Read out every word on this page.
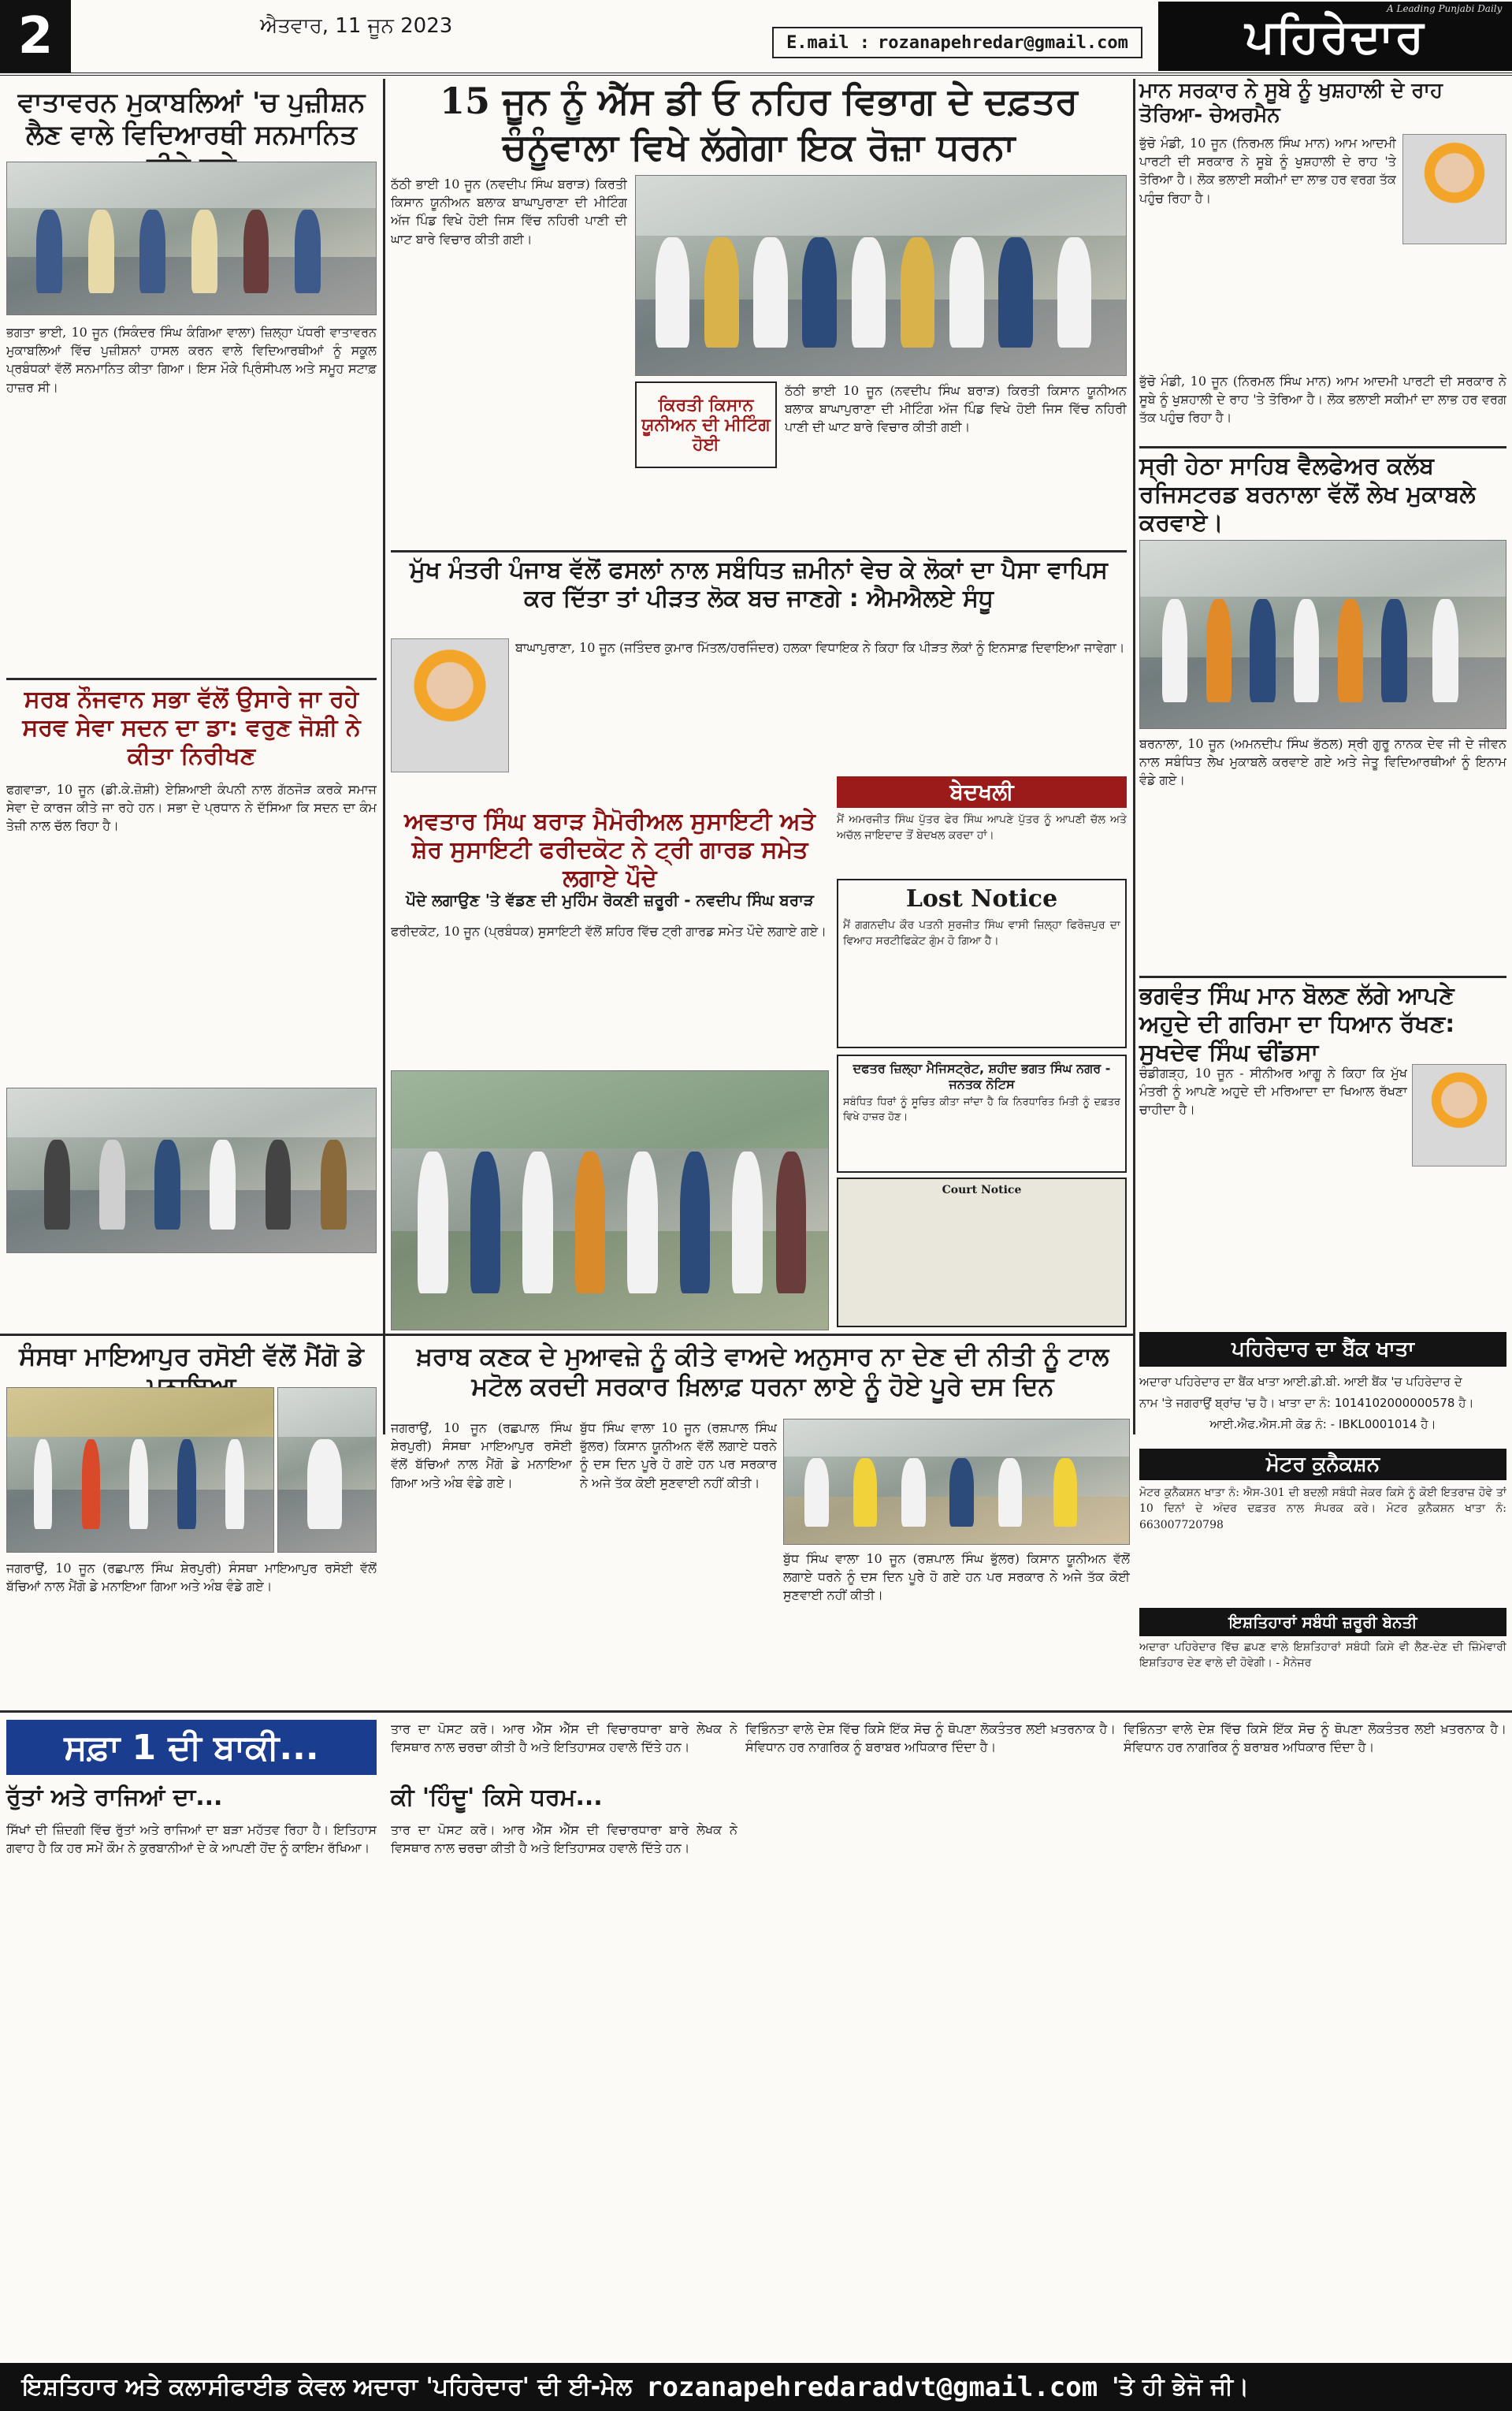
2	ਐਤਵਾਰ, 11 ਜੂਨ 2023
E.mail : rozanapehredar@gmail.com	ਪਹਿਰੇਦਾਰ
A Leading Punjabi Daily
ਵਾਤਾਵਰਨ ਮੁਕਾਬਲਿਆਂ 'ਚ ਪੁਜ਼ੀਸ਼ਨ ਲੈਣ ਵਾਲੇ ਵਿਦਿਆਰਥੀ ਸਨਮਾਨਿਤ
ਭਗਤਾ ਭਾਈ, 10 ਜੂਨ (ਸਿਕੰਦਰ ਸਿੰਘ ਕੰਗਿਆ ਵਾਲਾ) ਜ਼ਿਲ੍ਹਾ ਪੱਧਰੀ ਵਾਤਾਵਰਨ ਮੁਕਾਬਲਿਆਂ ਵਿੱਚ ਪੁਜ਼ੀਸ਼ਨਾਂ ਹਾਸਲ ਕਰਨ ਵਾਲੇ ਵਿਦਿਆਰਥੀਆਂ ਨੂੰ ਸਕੂਲ ਪ੍ਰਬੰਧਕਾਂ ਵੱਲੋਂ ਸਨਮਾਨਿਤ ਕੀਤਾ ਗਿਆ। ਇਸ ਮੌਕੇ ਪ੍ਰਿੰਸੀਪਲ ਅਤੇ ਸਮੂਹ ਸਟਾਫ਼ ਹਾਜ਼ਰ ਸੀ।
ਸਰਬ ਨੌਜਵਾਨ ਸਭਾ ਵੱਲੋਂ ਉਸਾਰੇ ਜਾ ਰਹੇ ਸਰਵ ਸੇਵਾ ਸਦਨ ਦਾ ਡਾ: ਵਰੁਣ ਜੋਸ਼ੀ ਨੇ ਕੀਤਾ ਨਿਰੀਖਣ
ਫਗਵਾੜਾ, 10 ਜੂਨ (ਡੀ.ਕੇ.ਜ਼ੋਸ਼ੀ) ਏਸ਼ਿਆਈ ਕੰਪਨੀ ਨਾਲ ਗੱਠਜੋੜ ਕਰਕੇ ਸਮਾਜ ਸੇਵਾ ਦੇ ਕਾਰਜ ਕੀਤੇ ਜਾ ਰਹੇ ਹਨ। ਸਭਾ ਦੇ ਪ੍ਰਧਾਨ ਨੇ ਦੱਸਿਆ ਕਿ ਸਦਨ ਦਾ ਕੰਮ ਤੇਜ਼ੀ ਨਾਲ ਚੱਲ ਰਿਹਾ ਹੈ।
15 ਜੂਨ ਨੂੰ ਐੱਸ ਡੀ ਓ ਨਹਿਰ ਵਿਭਾਗ ਦੇ ਦਫ਼ਤਰ ਚੰਨੂੰਵਾਲਾ ਵਿਖੇ ਲੱਗੇਗਾ ਇਕ ਰੋਜ਼ਾ ਧਰਨਾ
ਠੱਠੀ ਭਾਈ 10 ਜੂਨ (ਨਵਦੀਪ ਸਿੰਘ ਬਰਾੜ) ਕਿਰਤੀ ਕਿਸਾਨ ਯੂਨੀਅਨ ਬਲਾਕ ਬਾਘਾਪੁਰਾਣਾ ਦੀ ਮੀਟਿੰਗ ਅੱਜ ਪਿੰਡ ਵਿਖੇ ਹੋਈ ਜਿਸ ਵਿੱਚ ਨਹਿਰੀ ਪਾਣੀ ਦੀ ਘਾਟ ਬਾਰੇ ਵਿਚਾਰ ਕੀਤੀ ਗਈ।
ਕਿਰਤੀ ਕਿਸਾਨ ਯੂਨੀਅਨ ਦੀ ਮੀਟਿੰਗ ਹੋਈ
ਠੱਠੀ ਭਾਈ 10 ਜੂਨ (ਨਵਦੀਪ ਸਿੰਘ ਬਰਾੜ) ਕਿਰਤੀ ਕਿਸਾਨ ਯੂਨੀਅਨ ਬਲਾਕ ਬਾਘਾਪੁਰਾਣਾ ਦੀ ਮੀਟਿੰਗ ਅੱਜ ਪਿੰਡ ਵਿਖੇ ਹੋਈ ਜਿਸ ਵਿੱਚ ਨਹਿਰੀ ਪਾਣੀ ਦੀ ਘਾਟ ਬਾਰੇ ਵਿਚਾਰ ਕੀਤੀ ਗਈ।
ਮੁੱਖ ਮੰਤਰੀ ਪੰਜਾਬ ਵੱਲੋਂ ਫਸਲਾਂ ਨਾਲ ਸਬੰਧਿਤ ਜ਼ਮੀਨਾਂ ਵੇਚ ਕੇ ਲੋਕਾਂ ਦਾ ਪੈਸਾ ਵਾਪਿਸ ਕਰ ਦਿੱਤਾ ਤਾਂ ਪੀੜਤ ਲੋਕ ਬਚ ਜਾਣਗੇ : ਐਮਐਲਏ ਸੰਧੂ
ਬਾਘਾਪੁਰਾਣਾ, 10 ਜੂਨ (ਜਤਿੰਦਰ ਕੁਮਾਰ ਮਿੱਤਲ/ਹਰਜਿੰਦਰ) ਹਲਕਾ ਵਿਧਾਇਕ ਨੇ ਕਿਹਾ ਕਿ ਪੀੜਤ ਲੋਕਾਂ ਨੂੰ ਇਨਸਾਫ਼ ਦਿਵਾਇਆ ਜਾਵੇਗਾ।
ਬੇਦਖਲੀ
ਮੈਂ ਅਮਰਜੀਤ ਸਿੰਘ ਪੁੱਤਰ ਫੇਰ ਸਿੰਘ ਆਪਣੇ ਪੁੱਤਰ ਨੂੰ ਆਪਣੀ ਚੱਲ ਅਤੇ ਅਚੱਲ ਜਾਇਦਾਦ ਤੋਂ ਬੇਦਖਲ ਕਰਦਾ ਹਾਂ।
Lost Notice
ਮੈਂ ਗਗਨਦੀਪ ਕੌਰ ਪਤਨੀ ਸੁਰਜੀਤ ਸਿੰਘ ਵਾਸੀ ਜ਼ਿਲ੍ਹਾ ਫਿਰੋਜ਼ਪੁਰ ਦਾ ਵਿਆਹ ਸਰਟੀਫਿਕੇਟ ਗੁੰਮ ਹੋ ਗਿਆ ਹੈ।
ਦਫਤਰ ਜ਼ਿਲ੍ਹਾ ਮੈਜਿਸਟ੍ਰੇਟ, ਸ਼ਹੀਦ ਭਗਤ ਸਿੰਘ ਨਗਰ - ਜਨਤਕ ਨੋਟਿਸ
ਸਬੰਧਿਤ ਧਿਰਾਂ ਨੂੰ ਸੂਚਿਤ ਕੀਤਾ ਜਾਂਦਾ ਹੈ ਕਿ ਨਿਰਧਾਰਿਤ ਮਿਤੀ ਨੂੰ ਦਫ਼ਤਰ ਵਿਖੇ ਹਾਜ਼ਰ ਹੋਣ।
Court Notice
ਅਵਤਾਰ ਸਿੰਘ ਬਰਾੜ ਮੈਮੋਰੀਅਲ ਸੁਸਾਇਟੀ ਅਤੇ ਸ਼ੇਰ ਸੁਸਾਇਟੀ ਫਰੀਦਕੋਟ ਨੇ ਟ੍ਰੀ ਗਾਰਡ ਸਮੇਤ ਲਗਾਏ ਪੌਦੇ
ਪੌਦੇ ਲਗਾਉਣ 'ਤੇ ਵੱਡਣ ਦੀ ਮੁਹਿੰਮ ਰੋਕਣੀ ਜ਼ਰੂਰੀ - ਨਵਦੀਪ ਸਿੰਘ ਬਰਾੜ
ਫਰੀਦਕੋਟ, 10 ਜੂਨ (ਪ੍ਰਬੰਧਕ) ਸੁਸਾਇਟੀ ਵੱਲੋਂ ਸ਼ਹਿਰ ਵਿੱਚ ਟ੍ਰੀ ਗਾਰਡ ਸਮੇਤ ਪੌਦੇ ਲਗਾਏ ਗਏ।
ਮਾਨ ਸਰਕਾਰ ਨੇ ਸੂਬੇ ਨੂੰ ਖੁਸ਼ਹਾਲੀ ਦੇ ਰਾਹ ਤੋਰਿਆ- ਚੇਅਰਮੈਨ
ਭੁੱਚੋ ਮੰਡੀ, 10 ਜੂਨ (ਨਿਰਮਲ ਸਿੰਘ ਮਾਨ) ਆਮ ਆਦਮੀ ਪਾਰਟੀ ਦੀ ਸਰਕਾਰ ਨੇ ਸੂਬੇ ਨੂੰ ਖੁਸ਼ਹਾਲੀ ਦੇ ਰਾਹ 'ਤੇ ਤੋਰਿਆ ਹੈ। ਲੋਕ ਭਲਾਈ ਸਕੀਮਾਂ ਦਾ ਲਾਭ ਹਰ ਵਰਗ ਤੱਕ ਪਹੁੰਚ ਰਿਹਾ ਹੈ।
ਭੁੱਚੋ ਮੰਡੀ, 10 ਜੂਨ (ਨਿਰਮਲ ਸਿੰਘ ਮਾਨ) ਆਮ ਆਦਮੀ ਪਾਰਟੀ ਦੀ ਸਰਕਾਰ ਨੇ ਸੂਬੇ ਨੂੰ ਖੁਸ਼ਹਾਲੀ ਦੇ ਰਾਹ 'ਤੇ ਤੋਰਿਆ ਹੈ। ਲੋਕ ਭਲਾਈ ਸਕੀਮਾਂ ਦਾ ਲਾਭ ਹਰ ਵਰਗ ਤੱਕ ਪਹੁੰਚ ਰਿਹਾ ਹੈ।
ਸ੍ਰੀ ਹੇਠਾ ਸਾਹਿਬ ਵੈਲਫੇਅਰ ਕਲੱਬ ਰਜਿਸਟਰਡ ਬਰਨਾਲਾ ਵੱਲੋਂ ਲੇਖ ਮੁਕਾਬਲੇ ਕਰਵਾਏ।
ਬਰਨਾਲਾ, 10 ਜੂਨ (ਅਮਨਦੀਪ ਸਿੰਘ ਭੱਠਲ) ਸ੍ਰੀ ਗੁਰੂ ਨਾਨਕ ਦੇਵ ਜੀ ਦੇ ਜੀਵਨ ਨਾਲ ਸਬੰਧਿਤ ਲੇਖ ਮੁਕਾਬਲੇ ਕਰਵਾਏ ਗਏ ਅਤੇ ਜੇਤੂ ਵਿਦਿਆਰਥੀਆਂ ਨੂੰ ਇਨਾਮ ਵੰਡੇ ਗਏ।
ਭਗਵੰਤ ਸਿੰਘ ਮਾਨ ਬੋਲਣ ਲੱਗੇ ਆਪਣੇ ਅਹੁਦੇ ਦੀ ਗਰਿਮਾ ਦਾ ਧਿਆਨ ਰੱਖਣ: ਸੁਖਦੇਵ ਸਿੰਘ ਢੀਂਡਸਾ
ਚੰਡੀਗੜ੍ਹ, 10 ਜੂਨ - ਸੀਨੀਅਰ ਆਗੂ ਨੇ ਕਿਹਾ ਕਿ ਮੁੱਖ ਮੰਤਰੀ ਨੂੰ ਆਪਣੇ ਅਹੁਦੇ ਦੀ ਮਰਿਆਦਾ ਦਾ ਖਿਆਲ ਰੱਖਣਾ ਚਾਹੀਦਾ ਹੈ।
ਪਹਿਰੇਦਾਰ ਦਾ ਬੈਂਕ ਖਾਤਾ
ਅਦਾਰਾ ਪਹਿਰੇਦਾਰ ਦਾ ਬੈਂਕ ਖਾਤਾ ਆਈ.ਡੀ.ਬੀ. ਆਈ ਬੈਂਕ 'ਚ ਪਹਿਰੇਦਾਰ ਦੇ
ਨਾਮ 'ਤੇ ਜਗਰਾਉਂ ਬ੍ਰਾਂਚ 'ਚ ਹੈ। ਖਾਤਾ ਦਾ ਨੰ: 1014102000000578 ਹੈ।
ਆਈ.ਐਫ.ਐਸ.ਸੀ ਕੋਡ ਨੰ: - IBKL0001014 ਹੈ।
ਸੰਸਥਾ ਮਾਇਆਪੁਰ ਰਸੋਈ ਵੱਲੋਂ ਮੈਂਗੋ ਡੇ
ਜਗਰਾਉਂ, 10 ਜੂਨ (ਰਛਪਾਲ ਸਿੰਘ ਸ਼ੇਰਪੁਰੀ) ਸੰਸਥਾ ਮਾਇਆਪੁਰ ਰਸੋਈ ਵੱਲੋਂ ਬੱਚਿਆਂ ਨਾਲ ਮੈਂਗੋ ਡੇ ਮਨਾਇਆ ਗਿਆ ਅਤੇ ਅੰਬ ਵੰਡੇ ਗਏ।
ਖ਼ਰਾਬ ਕਣਕ ਦੇ ਮੁਆਵਜ਼ੇ ਨੂੰ ਕੀਤੇ ਵਾਅਦੇ ਅਨੁਸਾਰ ਨਾ ਦੇਣ ਦੀ ਨੀਤੀ ਨੂੰ ਟਾਲ ਮਟੋਲ ਕਰਦੀ ਸਰਕਾਰ ਖ਼ਿਲਾਫ਼ ਧਰਨਾ ਲਾਏ ਨੂੰ ਹੋਏ ਪੂਰੇ ਦਸ ਦਿਨ
ਜਗਰਾਉਂ, 10 ਜੂਨ (ਰਛਪਾਲ ਸਿੰਘ ਸ਼ੇਰਪੁਰੀ) ਸੰਸਥਾ ਮਾਇਆਪੁਰ ਰਸੋਈ ਵੱਲੋਂ ਬੱਚਿਆਂ ਨਾਲ ਮੈਂਗੋ ਡੇ ਮਨਾਇਆ ਗਿਆ ਅਤੇ ਅੰਬ ਵੰਡੇ ਗਏ।
ਬੁੱਧ ਸਿੰਘ ਵਾਲਾ 10 ਜੂਨ (ਰਸ਼ਪਾਲ ਸਿੰਘ ਭੁੱਲਰ) ਕਿਸਾਨ ਯੂਨੀਅਨ ਵੱਲੋਂ ਲਗਾਏ ਧਰਨੇ ਨੂੰ ਦਸ ਦਿਨ ਪੂਰੇ ਹੋ ਗਏ ਹਨ ਪਰ ਸਰਕਾਰ ਨੇ ਅਜੇ ਤੱਕ ਕੋਈ ਸੁਣਵਾਈ ਨਹੀਂ ਕੀਤੀ।
ਬੁੱਧ ਸਿੰਘ ਵਾਲਾ 10 ਜੂਨ (ਰਸ਼ਪਾਲ ਸਿੰਘ ਭੁੱਲਰ) ਕਿਸਾਨ ਯੂਨੀਅਨ ਵੱਲੋਂ ਲਗਾਏ ਧਰਨੇ ਨੂੰ ਦਸ ਦਿਨ ਪੂਰੇ ਹੋ ਗਏ ਹਨ ਪਰ ਸਰਕਾਰ ਨੇ ਅਜੇ ਤੱਕ ਕੋਈ ਸੁਣਵਾਈ ਨਹੀਂ ਕੀਤੀ।
ਮੋਟਰ ਕੁਨੈਕਸ਼ਨ
ਮੋਟਰ ਕੁਨੈਕਸ਼ਨ ਖਾਤਾ ਨੰ: ਐਸ-301 ਦੀ ਬਦਲੀ ਸਬੰਧੀ ਜੇਕਰ ਕਿਸੇ ਨੂੰ ਕੋਈ ਇਤਰਾਜ਼ ਹੋਵੇ ਤਾਂ 10 ਦਿਨਾਂ ਦੇ ਅੰਦਰ ਦਫ਼ਤਰ ਨਾਲ ਸੰਪਰਕ ਕਰੇ। ਮੋਟਰ ਕੁਨੈਕਸ਼ਨ ਖਾਤਾ ਨੰ: 663007720798
ਇਸ਼ਤਿਹਾਰਾਂ ਸਬੰਧੀ ਜ਼ਰੂਰੀ ਬੇਨਤੀ
ਅਦਾਰਾ ਪਹਿਰੇਦਾਰ ਵਿੱਚ ਛਪਣ ਵਾਲੇ ਇਸ਼ਤਿਹਾਰਾਂ ਸਬੰਧੀ ਕਿਸੇ ਵੀ ਲੈਣ-ਦੇਣ ਦੀ ਜ਼ਿੰਮੇਵਾਰੀ ਇਸ਼ਤਿਹਾਰ ਦੇਣ ਵਾਲੇ ਦੀ ਹੋਵੇਗੀ। - ਮੈਨੇਜਰ
ਸਫ਼ਾ 1 ਦੀ ਬਾਕੀ...
ਰੁੱਤਾਂ ਅਤੇ ਰਾਜਿਆਂ ਦਾ...
ਸਿੱਖਾਂ ਦੀ ਜ਼ਿੰਦਗੀ ਵਿੱਚ ਰੁੱਤਾਂ ਅਤੇ ਰਾਜਿਆਂ ਦਾ ਬੜਾ ਮਹੱਤਵ ਰਿਹਾ ਹੈ। ਇਤਿਹਾਸ ਗਵਾਹ ਹੈ ਕਿ ਹਰ ਸਮੇਂ ਕੌਮ ਨੇ ਕੁਰਬਾਨੀਆਂ ਦੇ ਕੇ ਆਪਣੀ ਹੋਂਦ ਨੂੰ ਕਾਇਮ ਰੱਖਿਆ।
ਕੀ 'ਹਿੰਦੂ' ਕਿਸੇ ਧਰਮ...
ਤਾਰ ਦਾ ਪੋਸਟ ਕਰੋ। ਆਰ ਐੱਸ ਐੱਸ ਦੀ ਵਿਚਾਰਧਾਰਾ ਬਾਰੇ ਲੇਖਕ ਨੇ ਵਿਸਥਾਰ ਨਾਲ ਚਰਚਾ ਕੀਤੀ ਹੈ ਅਤੇ ਇਤਿਹਾਸਕ ਹਵਾਲੇ ਦਿੱਤੇ ਹਨ।
ਤਾਰ ਦਾ ਪੋਸਟ ਕਰੋ। ਆਰ ਐੱਸ ਐੱਸ ਦੀ ਵਿਚਾਰਧਾਰਾ ਬਾਰੇ ਲੇਖਕ ਨੇ ਵਿਸਥਾਰ ਨਾਲ ਚਰਚਾ ਕੀਤੀ ਹੈ ਅਤੇ ਇਤਿਹਾਸਕ ਹਵਾਲੇ ਦਿੱਤੇ ਹਨ।
ਵਿਭਿੰਨਤਾ ਵਾਲੇ ਦੇਸ਼ ਵਿੱਚ ਕਿਸੇ ਇੱਕ ਸੋਚ ਨੂੰ ਥੋਪਣਾ ਲੋਕਤੰਤਰ ਲਈ ਖ਼ਤਰਨਾਕ ਹੈ। ਸੰਵਿਧਾਨ ਹਰ ਨਾਗਰਿਕ ਨੂੰ ਬਰਾਬਰ ਅਧਿਕਾਰ ਦਿੰਦਾ ਹੈ।
ਵਿਭਿੰਨਤਾ ਵਾਲੇ ਦੇਸ਼ ਵਿੱਚ ਕਿਸੇ ਇੱਕ ਸੋਚ ਨੂੰ ਥੋਪਣਾ ਲੋਕਤੰਤਰ ਲਈ ਖ਼ਤਰਨਾਕ ਹੈ। ਸੰਵਿਧਾਨ ਹਰ ਨਾਗਰਿਕ ਨੂੰ ਬਰਾਬਰ ਅਧਿਕਾਰ ਦਿੰਦਾ ਹੈ।
ਇਸ਼ਤਿਹਾਰ ਅਤੇ ਕਲਾਸੀਫਾਈਡ ਕੇਵਲ ਅਦਾਰਾ 'ਪਹਿਰੇਦਾਰ' ਦੀ ਈ-ਮੇਲ rozanapehredaradvt@gmail.com 'ਤੇ ਹੀ ਭੇਜੋ ਜੀ।
